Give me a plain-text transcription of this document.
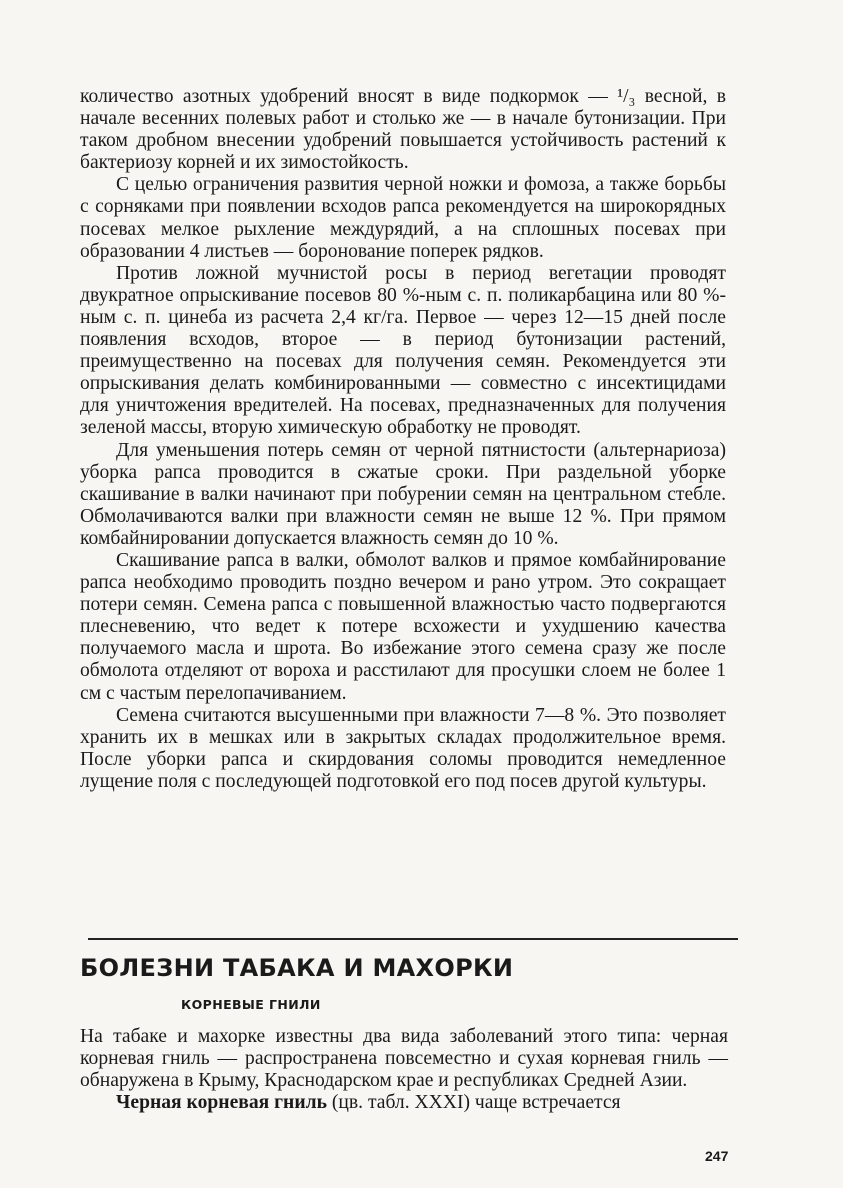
количество азотных удобрений вносят в виде подкормок — ¹/₃ весной, в начале весенних полевых работ и столько же — в начале бутонизации. При таком дробном внесении удобрений повышается устойчивость растений к бактериозу корней и их зимостойкость.

С целью ограничения развития черной ножки и фомоза, а также борьбы с сорняками при появлении всходов рапса рекомендуется на широкорядных посевах мелкое рыхление междурядий, а на сплошных посевах при образовании 4 листьев — боронование поперек рядков.

Против ложной мучнистой росы в период вегетации проводят двукратное опрыскивание посевов 80 %-ным с. п. поликарбацина или 80 %-ным с. п. цинеба из расчета 2,4 кг/га. Первое — через 12—15 дней после появления всходов, второе — в период бутонизации растений, преимущественно на посевах для получения семян. Рекомендуется эти опрыскивания делать комбинированными — совместно с инсектицидами для уничтожения вредителей. На посевах, предназначенных для получения зеленой массы, вторую химическую обработку не проводят.

Для уменьшения потерь семян от черной пятнистости (альтернариоза) уборка рапса проводится в сжатые сроки. При раздельной уборке скашивание в валки начинают при побурении семян на центральном стебле. Обмолачиваются валки при влажности семян не выше 12 %. При прямом комбайнировании допускается влажность семян до 10 %.

Скашивание рапса в валки, обмолот валков и прямое комбайнирование рапса необходимо проводить поздно вечером и рано утром. Это сокращает потери семян. Семена рапса с повышенной влажностью часто подвергаются плесневению, что ведет к потере всхожести и ухудшению качества получаемого масла и шрота. Во избежание этого семена сразу же после обмолота отделяют от вороха и расстилают для просушки слоем не более 1 см с частым перелопачиванием.

Семена считаются высушенными при влажности 7—8 %. Это позволяет хранить их в мешках или в закрытых складах продолжительное время. После уборки рапса и скирдования соломы проводится немедленное лущение поля с последующей подготовкой его под посев другой культуры.

БОЛЕЗНИ ТАБАКА И МАХОРКИ
КОРНЕВЫЕ ГНИЛИ

На табаке и махорке известны два вида заболеваний этого типа: черная корневая гниль — распространена повсеместно и сухая корневая гниль — обнаружена в Крыму, Краснодарском крае и республиках Средней Азии.

Черная корневая гниль (цв. табл. XXXI) чаще встречается

247
